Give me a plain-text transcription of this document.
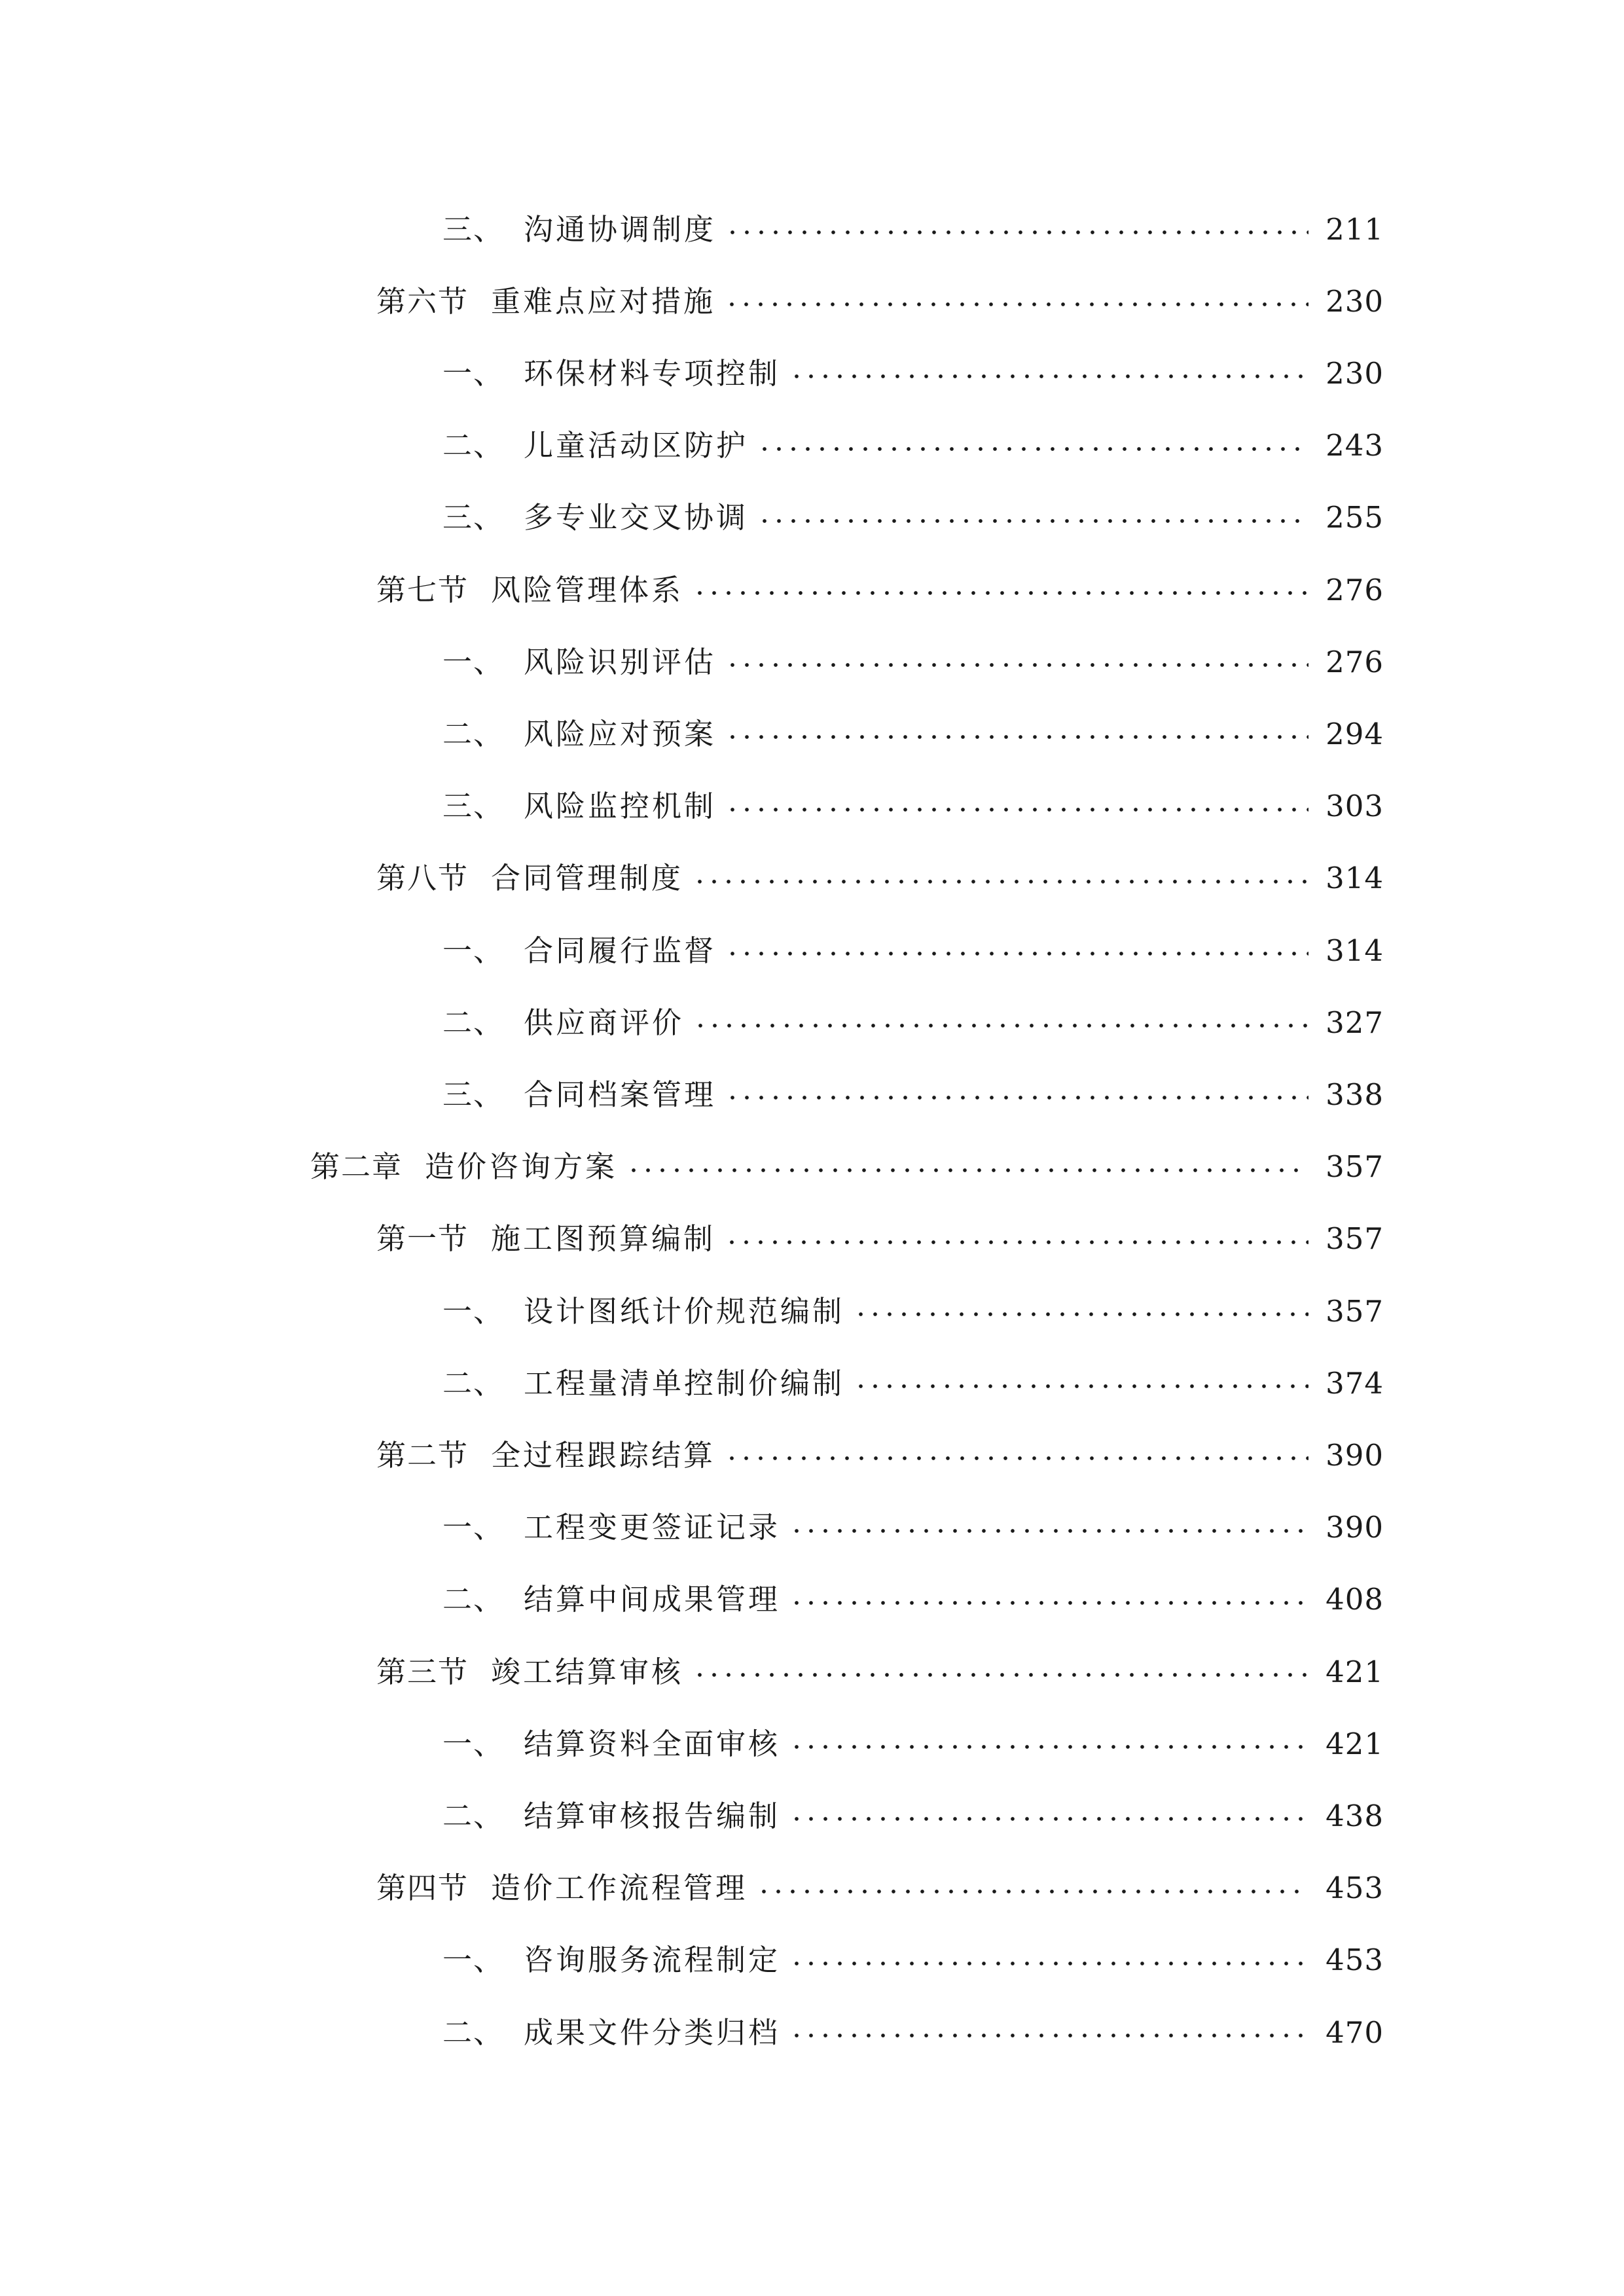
三、 沟通协调制度	211
第六节 重难点应对措施	230
一、 环保材料专项控制	230
二、 儿童活动区防护	243
三、 多专业交叉协调	255
第七节 风险管理体系	276
一、 风险识别评估	276
二、 风险应对预案	294
三、 风险监控机制	303
第八节 合同管理制度	314
一、 合同履行监督	314
二、 供应商评价	327
三、 合同档案管理	338
第二章 造价咨询方案	357
第一节 施工图预算编制	357
一、 设计图纸计价规范编制	357
二、 工程量清单控制价编制	374
第二节 全过程跟踪结算	390
一、 工程变更签证记录	390
二、 结算中间成果管理	408
第三节 竣工结算审核	421
一、 结算资料全面审核	421
二、 结算审核报告编制	438
第四节 造价工作流程管理	453
一、 咨询服务流程制定	453
二、 成果文件分类归档	470
